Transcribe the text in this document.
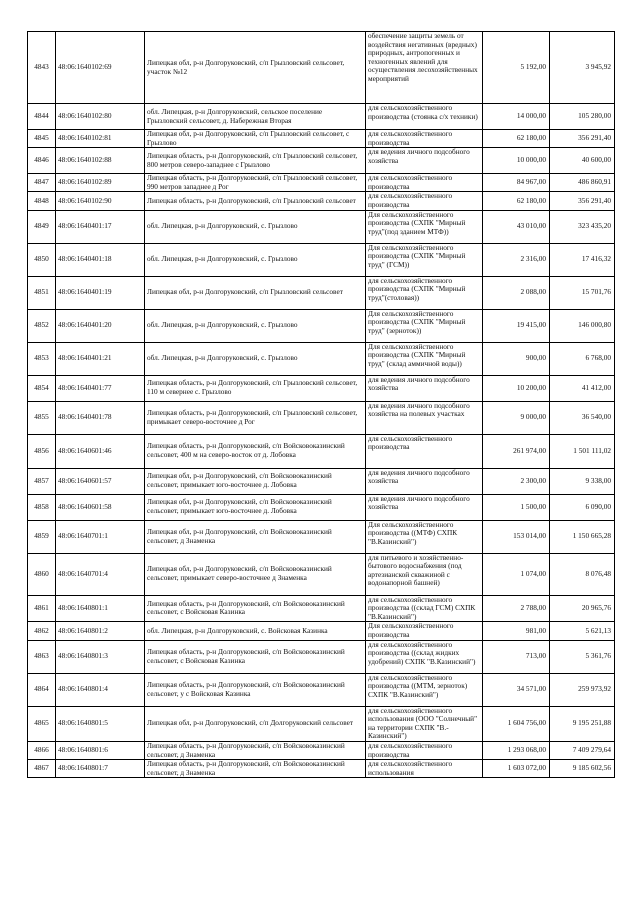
4843	48:06:1640102:69	Липецкая обл, р-н Долгоруковский, с/п Грызловский сельсовет, участок №12	обеспечение защиты земель от воздействия негативных (вредных) природных, антропогенных и техногенных явлений для осуществления лесохозяйственных мероприятий	5 192,00	3 945,92
4844	48:06:1640102:80	обл. Липецкая, р-н Долгоруковский, сельское поселение Грызловский сельсовет, д. Набережная Вторая	для сельскохозяйственного производства (стоянка с/х техники)	14 000,00	105 280,00
4845	48:06:1640102:81	Липецкая обл, р-н Долгоруковский, с/п Грызловский сельсовет, с Грызлово	для сельскохозяйственного производства	62 180,00	356 291,40
4846	48:06:1640102:88	Липецкая область, р-н Долгоруковский, с/п Грызловский сельсовет, 800 метров северо-западнее с Грызлово	для ведения личного подсобного хозяйства	10 000,00	40 600,00
4847	48:06:1640102:89	Липецкая область, р-н Долгоруковский, с/п Грызловский сельсовет, 990 метров западнее д Рог	для сельскохозяйственного производства	84 967,00	486 860,91
4848	48:06:1640102:90	Липецкая область, р-н Долгоруковский, с/п Грызловский сельсовет	для сельскохозяйственного производства	62 180,00	356 291,40
4849	48:06:1640401:17	обл. Липецкая, р-н Долгоруковский, с. Грызлово	Для сельскохозяйственного производства (СХПК "Мирный труд"(под зданием МТФ))	43 010,00	323 435,20
4850	48:06:1640401:18	обл. Липецкая, р-н Долгоруковский, с. Грызлово	Для сельскохозяйственного производства (СХПК "Мирный труд" (ГСМ))	2 316,00	17 416,32
4851	48:06:1640401:19	Липецкая обл, р-н Долгоруковский, с/п Грызловский сельсовет	для сельскохозяйственного производства (СХПК "Мирный труд"(столовая))	2 088,00	15 701,76
4852	48:06:1640401:20	обл. Липецкая, р-н Долгоруковский, с. Грызлово	Для сельскохозяйственного производства (СХПК "Мирный труд" (зерноток))	19 415,00	146 000,80
4853	48:06:1640401:21	обл. Липецкая, р-н Долгоруковский, с. Грызлово	Для сельскохозяйственного производства (СХПК "Мирный труд" (склад аммичной воды))	900,00	6 768,00
4854	48:06:1640401:77	Липецкая область, р-н Долгоруковский, с/п Грызловский сельсовет, 110 м севернее с. Грызлово	для ведения личного подсобного хозяйства	10 200,00	41 412,00
4855	48:06:1640401:78	Липецкая область, р-н Долгоруковский, с/п Грызловский сельсовет, примыкает северо-восточнее д Рог	для ведения личного подсобного хозяйства на полевых участках	9 000,00	36 540,00
4856	48:06:1640601:46	Липецкая область, р-н Долгоруковский, с/п Войсковоказинский сельсовет, 400 м на северо-восток от д. Лобовка	для сельскохозяйственного производства	261 974,00	1 501 111,02
4857	48:06:1640601:57	Липецкая обл, р-н Долгоруковский, с/п Войсковоказинский сельсовет, примыкает юго-восточнее д. Лобовка	для ведения личного подсобного хозяйства	2 300,00	9 338,00
4858	48:06:1640601:58	Липецкая обл, р-н Долгоруковский, с/п Войсковоказинский сельсовет, примыкает юго-восточнее д. Лобовка	для ведения личного подсобного хозяйства	1 500,00	6 090,00
4859	48:06:1640701:1	Липецкая обл, р-н Долгоруковский, с/п Войсковоказинский сельсовет, д Знаменка	Для сельскохозяйственного производства ((МТФ) СХПК "В.Казинский")	153 014,00	1 150 665,28
4860	48:06:1640701:4	Липецкая обл, р-н Долгоруковский, с/п Войсковоказинский сельсовет, примыкает северо-восточнее д Знаменка	для питьевого и хозяйственно-бытового водоснабжения (под артезианской скважиной с водонапорной башней)	1 074,00	8 076,48
4861	48:06:1640801:1	Липецкая область, р-н Долгоруковский, с/п Войсковоказинский сельсовет, с Войсковая Казинка	для сельскохозяйственного производства ((склад ГСМ) СХПК "В.Казинский")	2 788,00	20 965,76
4862	48:06:1640801:2	обл. Липецкая, р-н Долгоруковский, с. Войсковая Казинка	Для сельскохозяйственного производства	981,00	5 621,13
4863	48:06:1640801:3	Липецкая область, р-н Долгоруковский, с/п Войсковоказинский сельсовет, с Войсковая Казинка	для сельскохозяйственного производства ((склад жидких удобрений) СХПК "В.Казинский")	713,00	5 361,76
4864	48:06:1640801:4	Липецкая область, р-н Долгоруковский, с/п Войсковоказинский сельсовет, у с Войсковая Казинка	для сельскохозяйственного производства ((МТМ, зерноток) СХПК "В.Казинский")	34 571,00	259 973,92
4865	48:06:1640801:5	Липецкая обл, р-н Долгоруковский, с/п Долгоруковский сельсовет	для сельскохозяйственного использования (ООО "Солнечный" на территории СХПК "В.-Казинский")	1 604 756,00	9 195 251,88
4866	48:06:1640801:6	Липецкая область, р-н Долгоруковский, с/п Войсковоказинский сельсовет, д Знаменка	для сельскохозяйственного производства	1 293 068,00	7 409 279,64
4867	48:06:1640801:7	Липецкая область, р-н Долгоруковский, с/п Войсковоказинский сельсовет, д Знаменка	для сельскохозяйственного использования	1 603 072,00	9 185 602,56
